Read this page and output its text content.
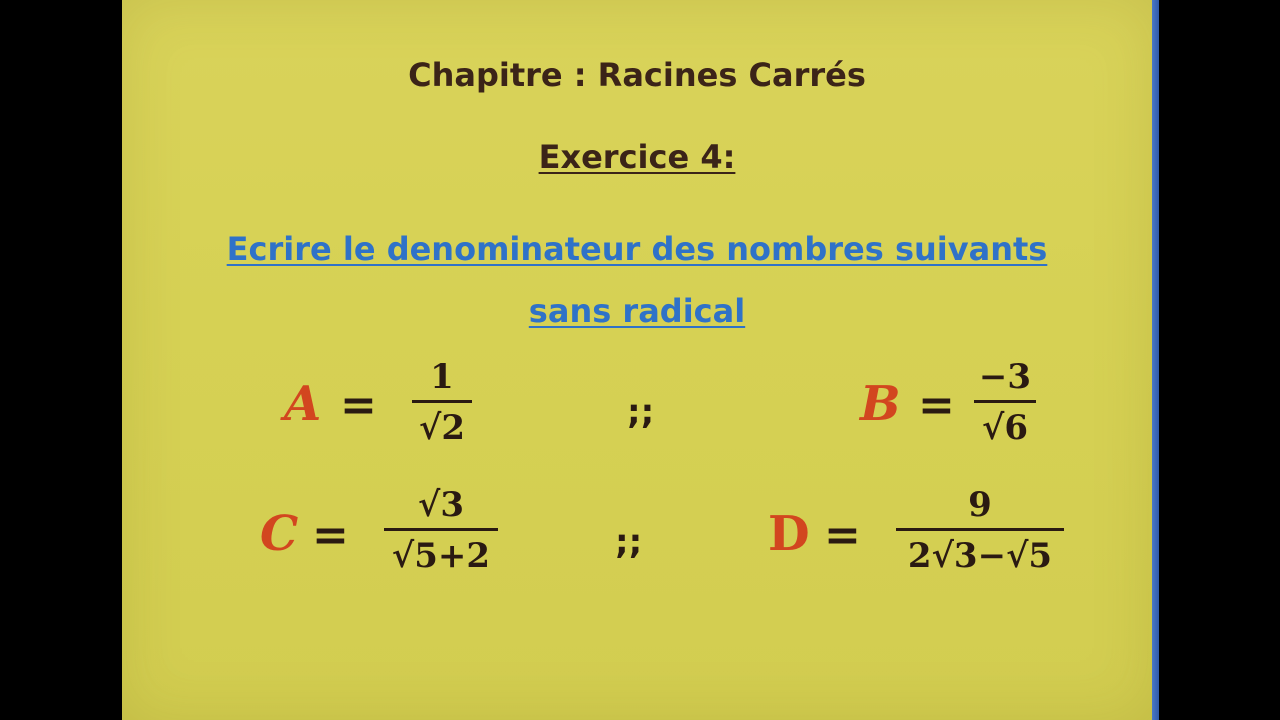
Chapitre : Racines Carrés
Exercice 4:
Ecrire le denominateur des nombres suivants
sans radical
A =
1
√2	;;	B =
−3
√6
C =
√3
√5+2	;;	D =
9
2√3−√5
